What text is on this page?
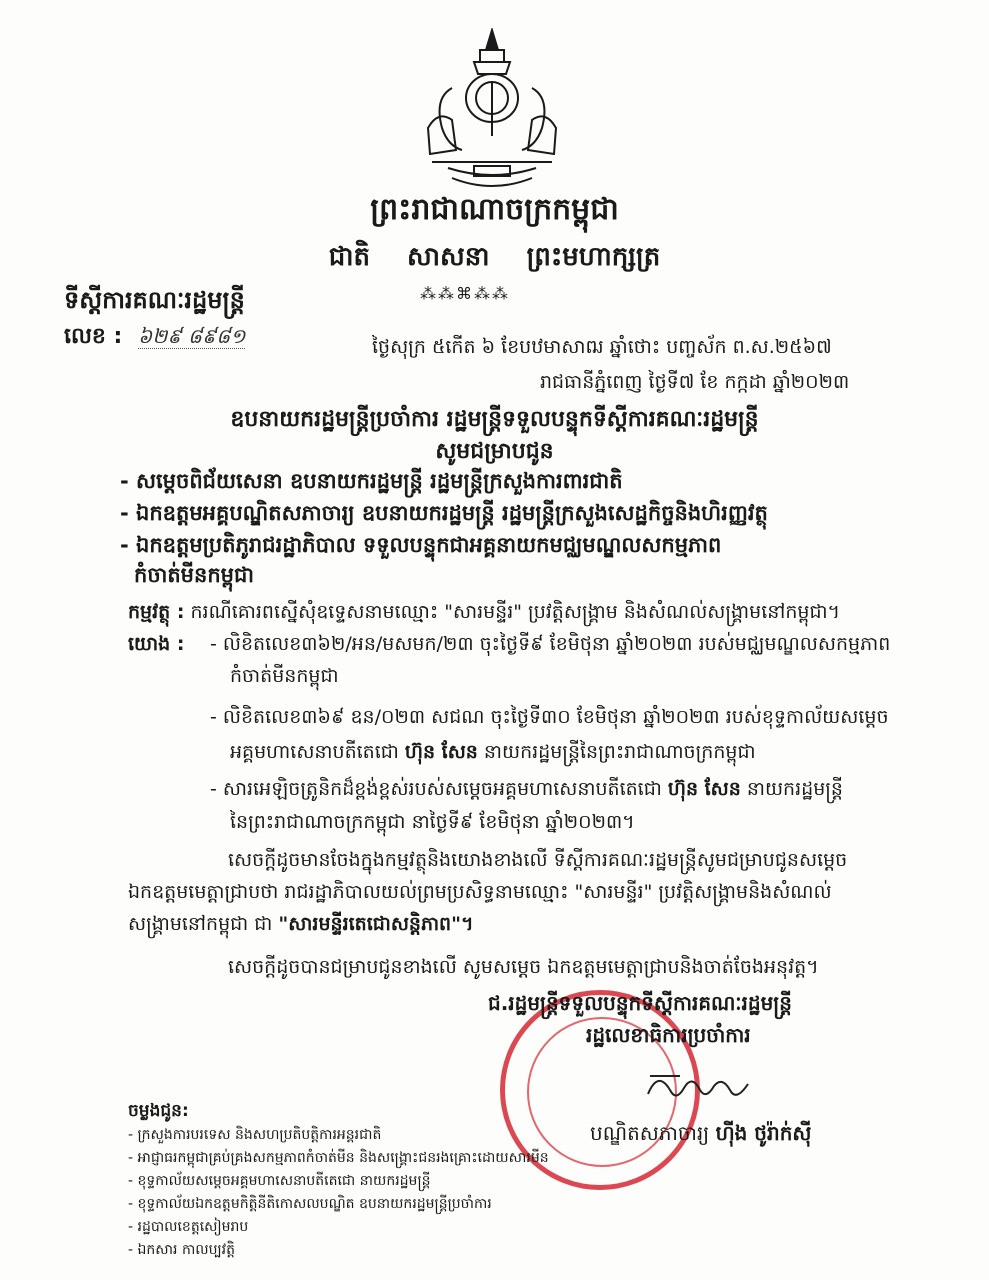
ព្រះរាជាណាចក្រកម្ពុជា
ជាតិ សាសនា ព្រះមហាក្សត្រ
⁂⁂⌘⁂⁂
ទីស្តីការគណៈរដ្ឋមន្ត្រី
លេខ : ៦២៩ ៨៩៨១	ថ្ងៃសុក្រ ៥កើត ៦ ខែបឋមាសាឍ ឆ្នាំថោះ បញ្ចស័ក ព.ស.២៥៦៧
រាជធានីភ្នំពេញ ថ្ងៃទី៧ ខែ កក្កដា ឆ្នាំ២០២៣
ឧបនាយករដ្ឋមន្ត្រីប្រចាំការ រដ្ឋមន្ត្រីទទួលបន្ទុកទីស្តីការគណៈរដ្ឋមន្ត្រី
សូមជម្រាបជូន
- សម្តេចពិជ័យសេនា ឧបនាយករដ្ឋមន្ត្រី រដ្ឋមន្ត្រីក្រសួងការពារជាតិ
- ឯកឧត្តមអគ្គបណ្ឌិតសភាចារ្យ ឧបនាយករដ្ឋមន្ត្រី រដ្ឋមន្ត្រីក្រសួងសេដ្ឋកិច្ចនិងហិរញ្ញវត្ថុ
- ឯកឧត្តមប្រតិភូរាជរដ្ឋាភិបាល ទទួលបន្ទុកជាអគ្គនាយកមជ្ឈមណ្ឌលសកម្មភាព
កំចាត់មីនកម្ពុជា
កម្មវត្ថុ : ករណីគោរពស្នើសុំឧទ្ទេសនាមឈ្មោះ "សារមន្ទីរ" ប្រវត្តិសង្គ្រាម និងសំណល់សង្គ្រាមនៅកម្ពុជា។
យោង : - លិខិតលេខ៣៦២/អន/មសមក/២៣ ចុះថ្ងៃទី៩ ខែមិថុនា ឆ្នាំ២០២៣ របស់មជ្ឈមណ្ឌលសកម្មភាព
កំចាត់មីនកម្ពុជា
- លិខិតលេខ៣៦៩ ឧន/០២៣ សជណ ចុះថ្ងៃទី៣០ ខែមិថុនា ឆ្នាំ២០២៣ របស់ខុទ្ទកាល័យសម្តេច
អគ្គមហាសេនាបតីតេជោ ហ៊ុន សែន នាយករដ្ឋមន្ត្រីនៃព្រះរាជាណាចក្រកម្ពុជា
- សារអេឡិចត្រូនិកដ៏ខ្ពង់ខ្ពស់របស់សម្តេចអគ្គមហាសេនាបតីតេជោ ហ៊ុន សែន នាយករដ្ឋមន្ត្រី
នៃព្រះរាជាណាចក្រកម្ពុជា នាថ្ងៃទី៩ ខែមិថុនា ឆ្នាំ២០២៣។
សេចក្តីដូចមានចែងក្នុងកម្មវត្ថុនិងយោងខាងលើ ទីស្តីការគណៈរដ្ឋមន្ត្រីសូមជម្រាបជូនសម្តេច
ឯកឧត្តមមេត្តាជ្រាបថា រាជរដ្ឋាភិបាលយល់ព្រមប្រសិទ្ធនាមឈ្មោះ "សារមន្ទីរ" ប្រវត្តិសង្គ្រាមនិងសំណល់
សង្គ្រាមនៅកម្ពុជា ជា "សារមន្ទីរតេជោសន្តិភាព"។
សេចក្តីដូចបានជម្រាបជូនខាងលើ សូមសម្តេច ឯកឧត្តមមេត្តាជ្រាបនិងចាត់ចែងអនុវត្ត។
ជ.រដ្ឋមន្ត្រីទទួលបន្ទុកទីស្តីការគណៈរដ្ឋមន្ត្រី
រដ្ឋលេខាធិការប្រចាំការ
បណ្ឌិតសភាចារ្យ ហ៊ីង ថូរ៉ាក់ស៊ី
ចម្លងជូន:
- ក្រសួងការបរទេស និងសហប្រតិបត្តិការអន្តរជាតិ
- អាជ្ញាធរកម្ពុជាគ្រប់គ្រងសកម្មភាពកំចាត់មីន និងសង្គ្រោះជនរងគ្រោះដោយសារមីន
- ខុទ្ទកាល័យសម្តេចអគ្គមហាសេនាបតីតេជោ នាយករដ្ឋមន្ត្រី
- ខុទ្ទកាល័យឯកឧត្តមកិត្តិនីតិកោសលបណ្ឌិត ឧបនាយករដ្ឋមន្ត្រីប្រចាំការ
- រដ្ឋបាលខេត្តសៀមរាប
- ឯកសារ កាលប្បវត្តិ
